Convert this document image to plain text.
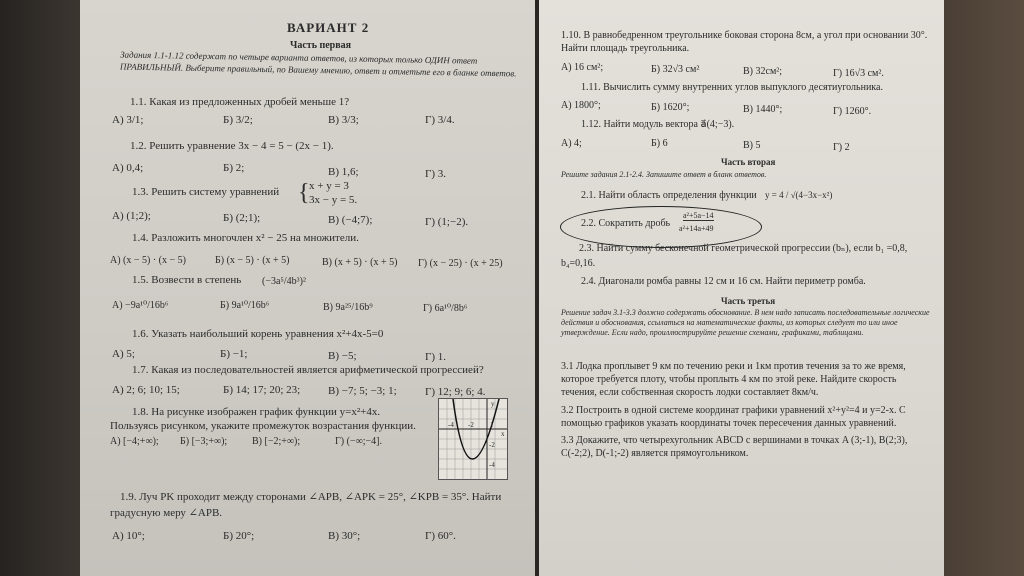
ВАРИАНТ 2
Часть первая
Задания 1.1-1.12 содержат по четыре варианта ответов, из которых только ОДИН ответ ПРАВИЛЬНЫЙ. Выберите правильный, по Вашему мнению, ответ и отметьте его в бланке ответов.
1.1. Какая из предложенных дробей меньше 1?
А) 3/1;	Б) 3/2;	В) 3/3;	Г) 3/4.
1.2. Решить уравнение 3x − 4 = 5 − (2x − 1).
А) 0,4;	Б) 2;	В) 1,6;	Г) 3.
1.3. Решить систему уравнений { x + y = 3
3x − y = 5.
А) (1;2);	Б) (2;1);	В) (−4;7);	Г) (1;−2).
1.4. Разложить многочлен x² − 25 на множители.
А) (x − 5) · (x − 5)	Б) (x − 5) · (x + 5)	В) (x + 5) · (x + 5) Г) (x − 25) · (x + 25)
1.5. Возвести в степень (−3a⁵/4b³)²
А) −9a¹⁰/16b⁶	Б) 9a¹⁰/16b⁶	В) 9a²⁵/16b⁹	Г) 6a¹⁰/8b⁶
1.6. Указать наибольший корень уравнения x²+4x-5=0
А) 5;	Б) −1;	В) −5;	Г) 1.
1.7. Какая из последовательностей является арифметической прогрессией?
А) 2; 6; 10; 15;	Б) 14; 17; 20; 23;	В) −7; 5; −3; 1;	Г) 12; 9; 6; 4.
1.8. На рисунке изображен график функции y=x²+4x.
Пользуясь рисунком, укажите промежуток возрастания функции.
А) [−4;+∞); Б) [−3;+∞); В) [−2;+∞);	Г) (−∞;−4].
-4 -2 1
-2
-4
y
x
1.9. Луч PK проходит между сторонами ∠APB, ∠APK = 25°, ∠KPB = 35°. Найти
градусную меру ∠APB.
А) 10°;	Б) 20°;	В) 30°;	Г) 60°.
1.10. В равнобедренном треугольнике боковая сторона 8см, а угол при основании 30°.
Найти площадь треугольника.
А) 16 см²;	Б) 32√3 см²	В) 32см²;	Г) 16√3 см².
1.11. Вычислить сумму внутренних углов выпуклого десятиугольника.
А) 1800°;	Б) 1620°;	В) 1440°;	Г) 1260°.
1.12. Найти модуль вектора a⃗(4;−3).
А) 4;	Б) 6	В) 5	Г) 2
Часть вторая
Решите задания 2.1-2.4. Запишите ответ в бланк ответов.
2.1. Найти область определения функции y = 4 / √(4−3x−x²)
2.2. Сократить дробь
a²+5a−14
a²+14a+49
2.3. Найти сумму бесконечной геометрической прогрессии (bₙ), если b₁ =0,8,
b₄=0,16.
2.4. Диагонали ромба равны 12 см и 16 см. Найти периметр ромба.
Часть третья
Решение задач 3.1-3.3 должно содержать обоснование. В нем надо записать последовательные логические действия и обоснования, ссылаться на математические факты, из которых следует то или иное утверждение. Если надо, проиллюстрируйте решение схемами, графиками, таблицами.
3.1 Лодка проплывет 9 км по течению реки и 1км против течения за то же время, которое требуется плоту, чтобы проплыть 4 км по этой реке. Найдите скорость течения, если собственная скорость лодки составляет 8км/ч.
3.2 Построить в одной системе координат графики уравнений x²+y²=4 и y=2-x. С помощью графиков указать координаты точек пересечения данных уравнений.
3.3 Докажите, что четырехугольник ABCD с вершинами в точках A (3;-1), B(2;3), C(-2;2), D(-1;-2) является прямоугольником.
